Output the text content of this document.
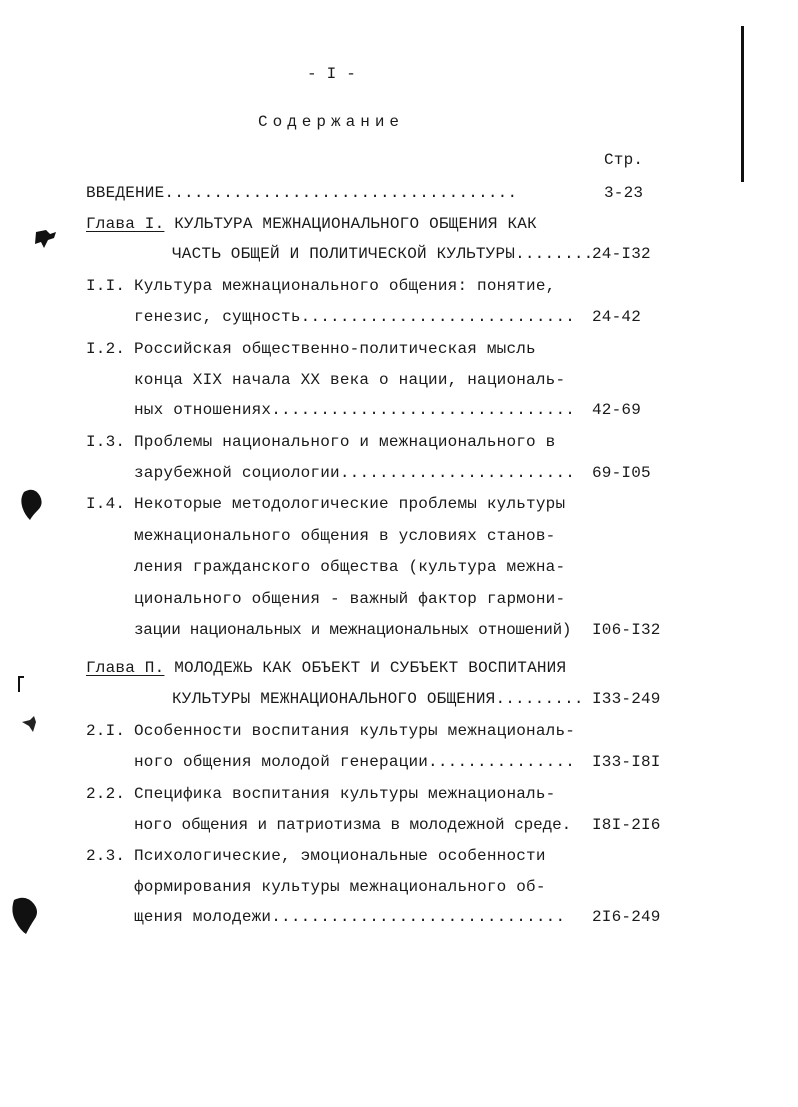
- I -
Содержание
Стр.
ВВЕДЕНИЕ....................................	3-23
Глава I. КУЛЬТУРА МЕЖНАЦИОНАЛЬНОГО ОБЩЕНИЯ КАК
ЧАСТЬ ОБЩЕЙ И ПОЛИТИЧЕСКОЙ КУЛЬТУРЫ........
24-I32
I.I. Культура межнационального общения: понятие,
генезис, сущность............................ 24-42
I.2. Российская общественно-политическая мысль
конца XIX начала XX века о нации, националь-
ных отношениях............................... 42-69
I.3. Проблемы национального и межнационального в
зарубежной социологии........................ 69-I05
I.4. Некоторые методологические проблемы культуры
межнационального общения в условиях станов-
ления гражданского общества (культура межна-
ционального общения - важный фактор гармони-
зации национальных и межнациональных отношений) I06-I32
Глава П. МОЛОДЕЖЬ КАК ОБЪЕКТ И СУБЪЕКТ ВОСПИТАНИЯ
КУЛЬТУРЫ МЕЖНАЦИОНАЛЬНОГО ОБЩЕНИЯ......... I33-249
2.I. Особенности воспитания культуры межнациональ-
ного общения молодой генерации............... I33-I8I
2.2. Специфика воспитания культуры межнациональ-
ного общения и патриотизма в молодежной среде. I8I-2I6
2.3. Психологические, эмоциональные особенности
формирования культуры межнационального об-
щения молодежи.............................. 2I6-249
